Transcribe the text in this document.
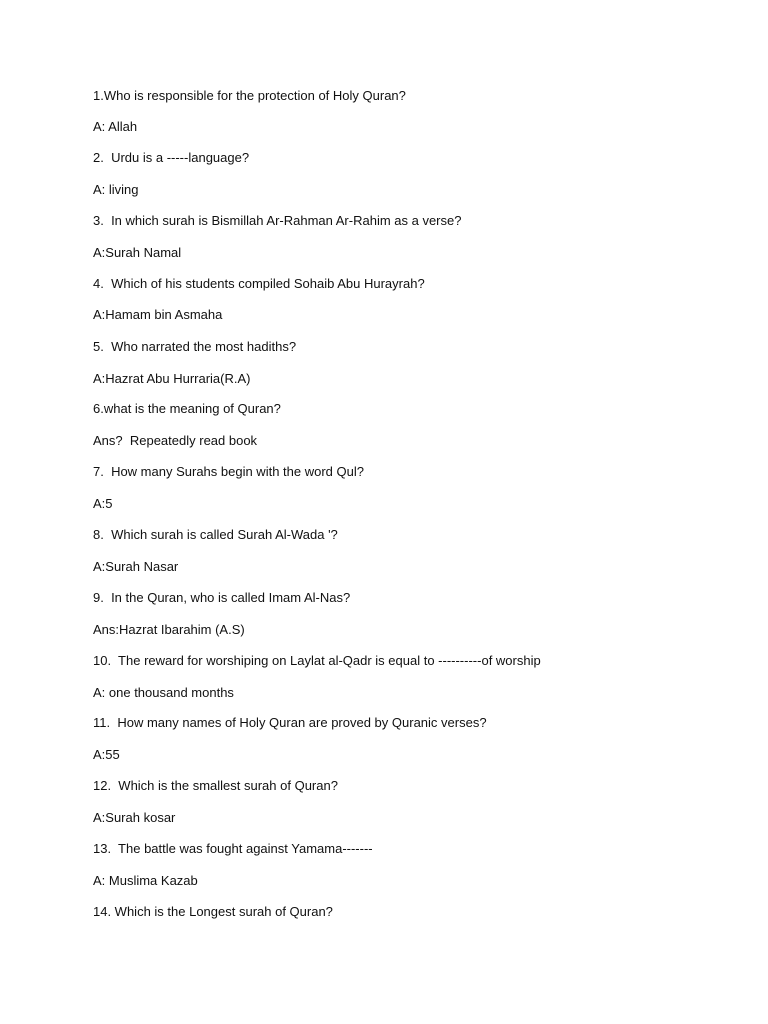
1.Who is responsible for the protection of Holy Quran?
A: Allah
2.  Urdu is a -----language?
A: living
3.  In which surah is Bismillah Ar-Rahman Ar-Rahim as a verse?
A:Surah Namal
4.  Which of his students compiled Sohaib Abu Hurayrah?
A:Hamam bin Asmaha
5.  Who narrated the most hadiths?
A:Hazrat Abu Hurraria(R.A)
6.what is the meaning of Quran?
Ans?  Repeatedly read book
7.  How many Surahs begin with the word Qul?
A:5
8.  Which surah is called Surah Al-Wada '?
A:Surah Nasar
9.  In the Quran, who is called Imam Al-Nas?
Ans:Hazrat Ibarahim (A.S)
10.  The reward for worshiping on Laylat al-Qadr is equal to ----------of worship
A: one thousand months
11.  How many names of Holy Quran are proved by Quranic verses?
A:55
12.  Which is the smallest surah of Quran?
A:Surah kosar
13.  The battle was fought against Yamama-------
A: Muslima Kazab
14. Which is the Longest surah of Quran?
